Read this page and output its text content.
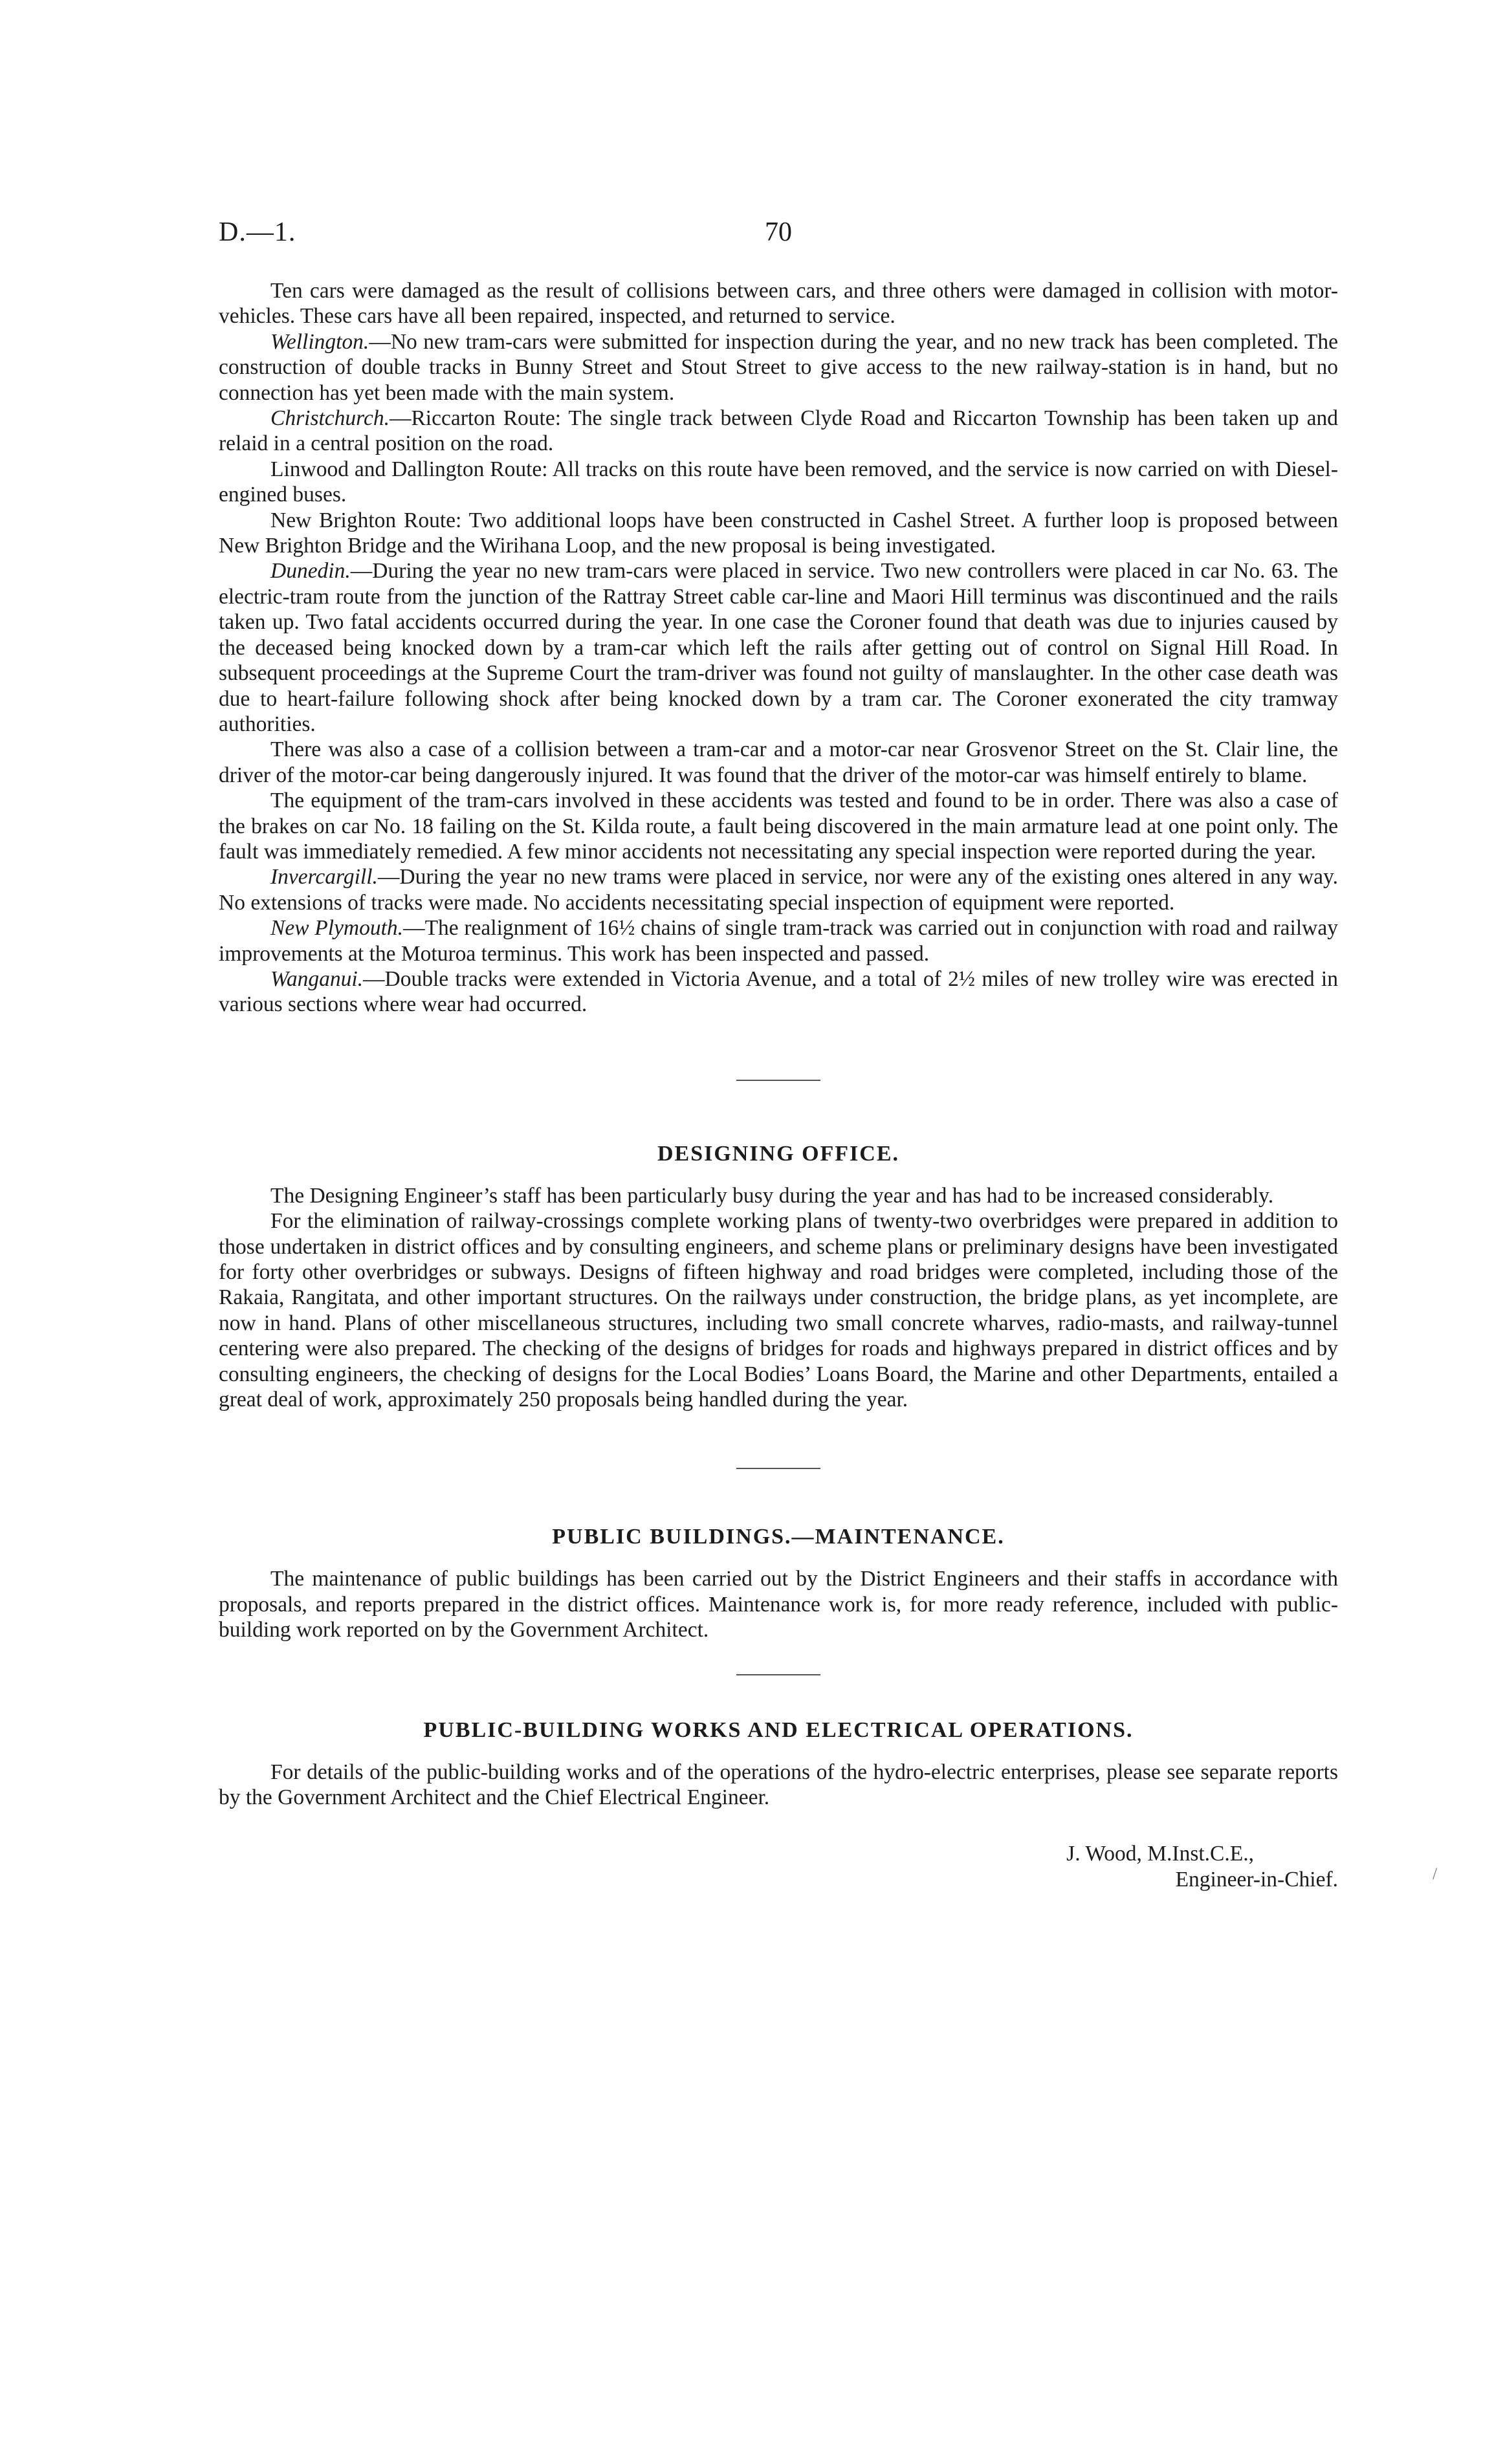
D.—1.	70

Ten cars were damaged as the result of collisions between cars, and three others were damaged in collision with motor-vehicles. These cars have all been repaired, inspected, and returned to service.

Wellington.—No new tram-cars were submitted for inspection during the year, and no new track has been completed. The construction of double tracks in Bunny Street and Stout Street to give access to the new railway-station is in hand, but no connection has yet been made with the main system.

Christchurch.—Riccarton Route: The single track between Clyde Road and Riccarton Township has been taken up and relaid in a central position on the road.

Linwood and Dallington Route: All tracks on this route have been removed, and the service is now carried on with Diesel-engined buses.

New Brighton Route: Two additional loops have been constructed in Cashel Street. A further loop is proposed between New Brighton Bridge and the Wirihana Loop, and the new proposal is being investigated.

Dunedin.—During the year no new tram-cars were placed in service. Two new controllers were placed in car No. 63. The electric-tram route from the junction of the Rattray Street cable car-line and Maori Hill terminus was discontinued and the rails taken up. Two fatal accidents occurred during the year. In one case the Coroner found that death was due to injuries caused by the deceased being knocked down by a tram-car which left the rails after getting out of control on Signal Hill Road. In subsequent proceedings at the Supreme Court the tram-driver was found not guilty of manslaughter. In the other case death was due to heart-failure following shock after being knocked down by a tram car. The Coroner exonerated the city tramway authorities.

There was also a case of a collision between a tram-car and a motor-car near Grosvenor Street on the St. Clair line, the driver of the motor-car being dangerously injured. It was found that the driver of the motor-car was himself entirely to blame.

The equipment of the tram-cars involved in these accidents was tested and found to be in order. There was also a case of the brakes on car No. 18 failing on the St. Kilda route, a fault being discovered in the main armature lead at one point only. The fault was immediately remedied. A few minor accidents not necessitating any special inspection were reported during the year.

Invercargill.—During the year no new trams were placed in service, nor were any of the existing ones altered in any way. No extensions of tracks were made. No accidents necessitating special inspection of equipment were reported.

New Plymouth.—The realignment of 16½ chains of single tram-track was carried out in conjunction with road and railway improvements at the Moturoa terminus. This work has been inspected and passed.

Wanganui.—Double tracks were extended in Victoria Avenue, and a total of 2½ miles of new trolley wire was erected in various sections where wear had occurred.

DESIGNING OFFICE.

The Designing Engineer’s staff has been particularly busy during the year and has had to be increased considerably.

For the elimination of railway-crossings complete working plans of twenty-two overbridges were prepared in addition to those undertaken in district offices and by consulting engineers, and scheme plans or preliminary designs have been investigated for forty other overbridges or subways. Designs of fifteen highway and road bridges were completed, including those of the Rakaia, Rangitata, and other important structures. On the railways under construction, the bridge plans, as yet incomplete, are now in hand. Plans of other miscellaneous structures, including two small concrete wharves, radio-masts, and railway-tunnel centering were also prepared. The checking of the designs of bridges for roads and highways prepared in district offices and by consulting engineers, the checking of designs for the Local Bodies’ Loans Board, the Marine and other Departments, entailed a great deal of work, approximately 250 proposals being handled during the year.

PUBLIC BUILDINGS.—MAINTENANCE.

The maintenance of public buildings has been carried out by the District Engineers and their staffs in accordance with proposals, and reports prepared in the district offices. Maintenance work is, for more ready reference, included with public-building work reported on by the Government Architect.

PUBLIC-BUILDING WORKS AND ELECTRICAL OPERATIONS.

For details of the public-building works and of the operations of the hydro-electric enterprises, please see separate reports by the Government Architect and the Chief Electrical Engineer.

J. Wood, M.Inst.C.E.,
Engineer-in-Chief.	/
